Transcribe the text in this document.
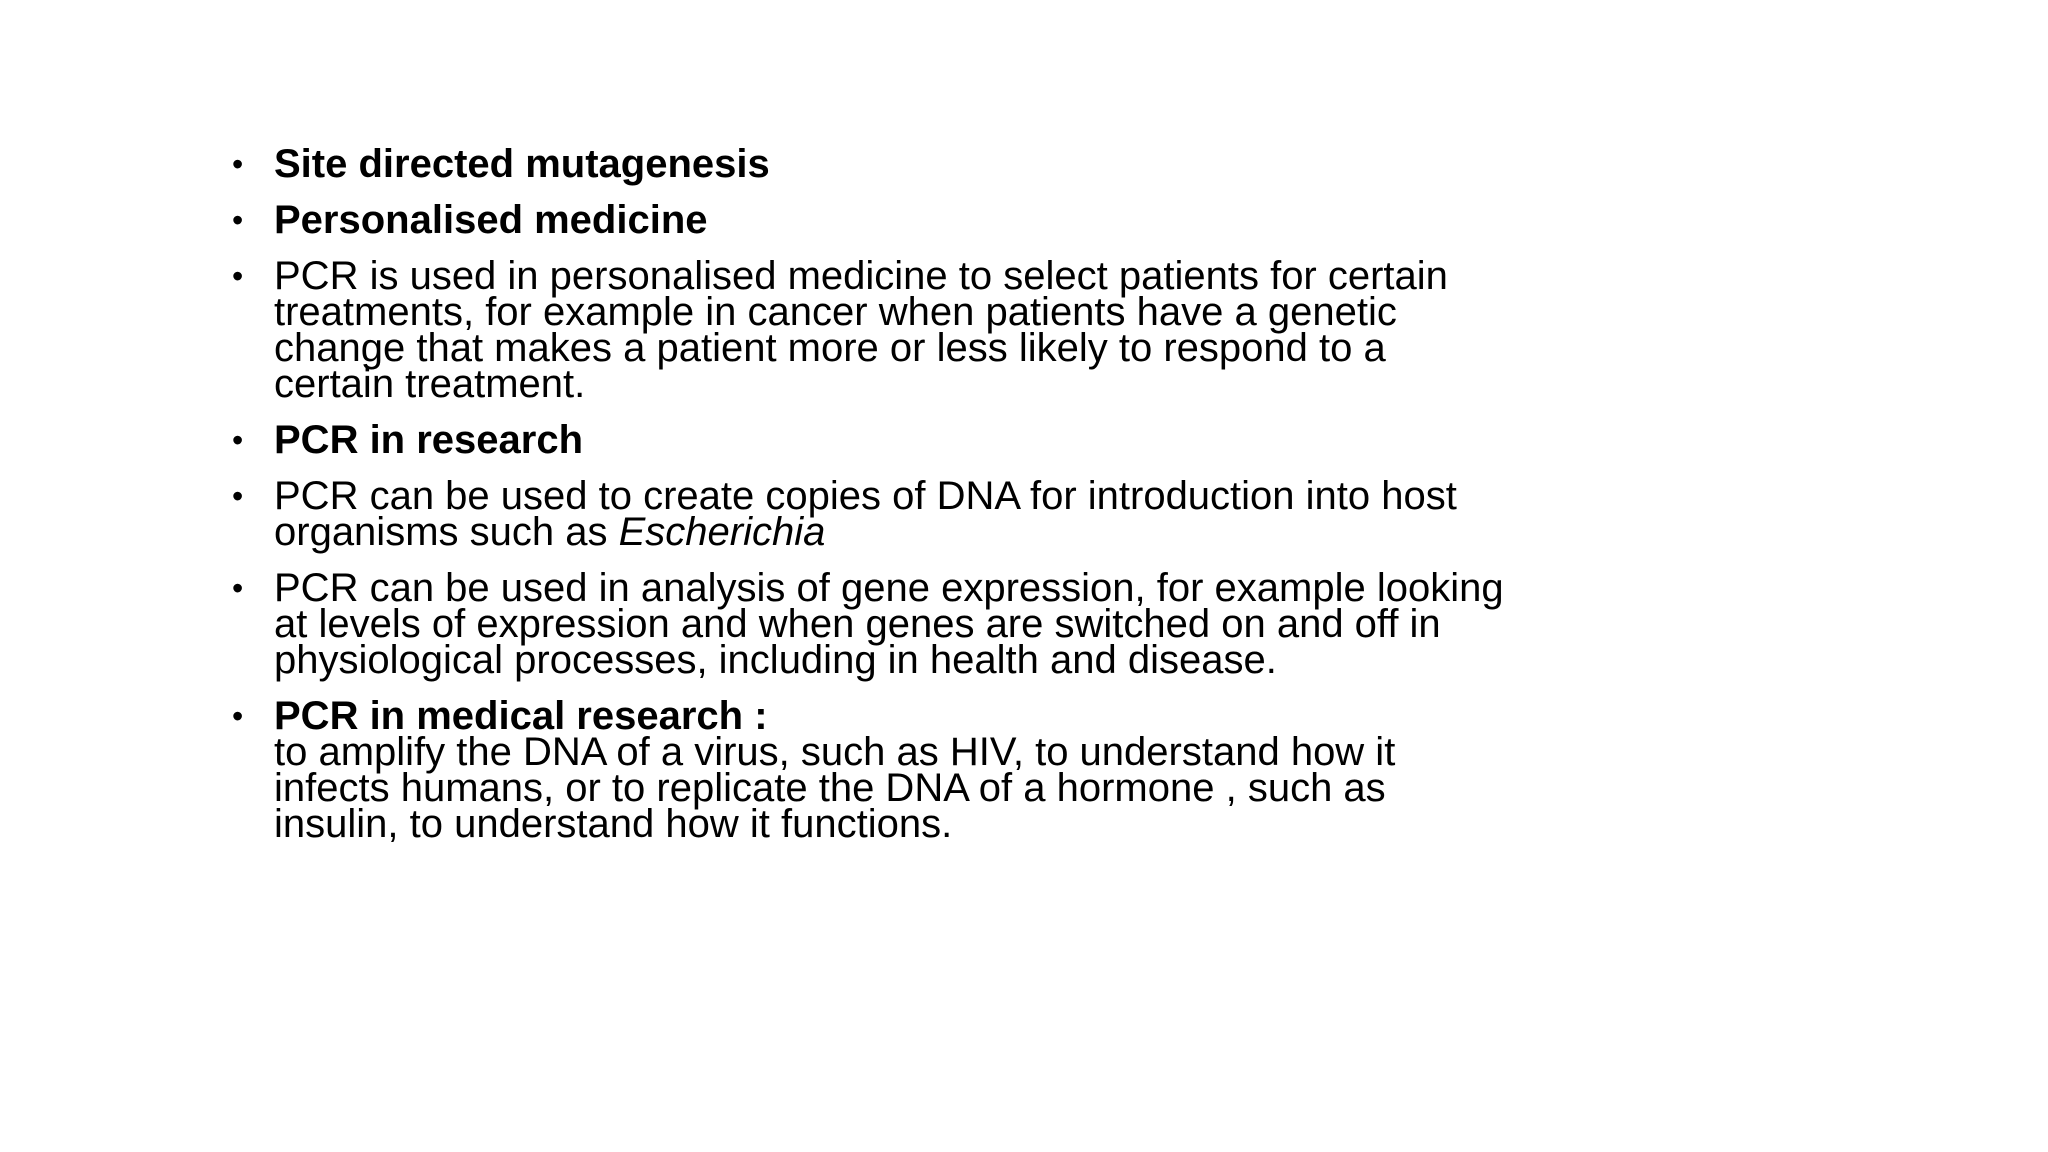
• Site directed mutagenesis
• Personalised medicine
• PCR is used in personalised medicine to select patients for certain treatments, for example in cancer when patients have a genetic change that makes a patient more or less likely to respond to a certain treatment.
• PCR in research
• PCR can be used to create copies of DNA for introduction into host organisms such as Escherichia
• PCR can be used in analysis of gene expression, for example looking at levels of expression and when genes are switched on and off in physiological processes, including in health and disease.
• PCR in medical research :
to amplify the DNA of a virus, such as HIV, to understand how it infects humans, or to replicate the DNA of a hormone , such as insulin, to understand how it functions.
